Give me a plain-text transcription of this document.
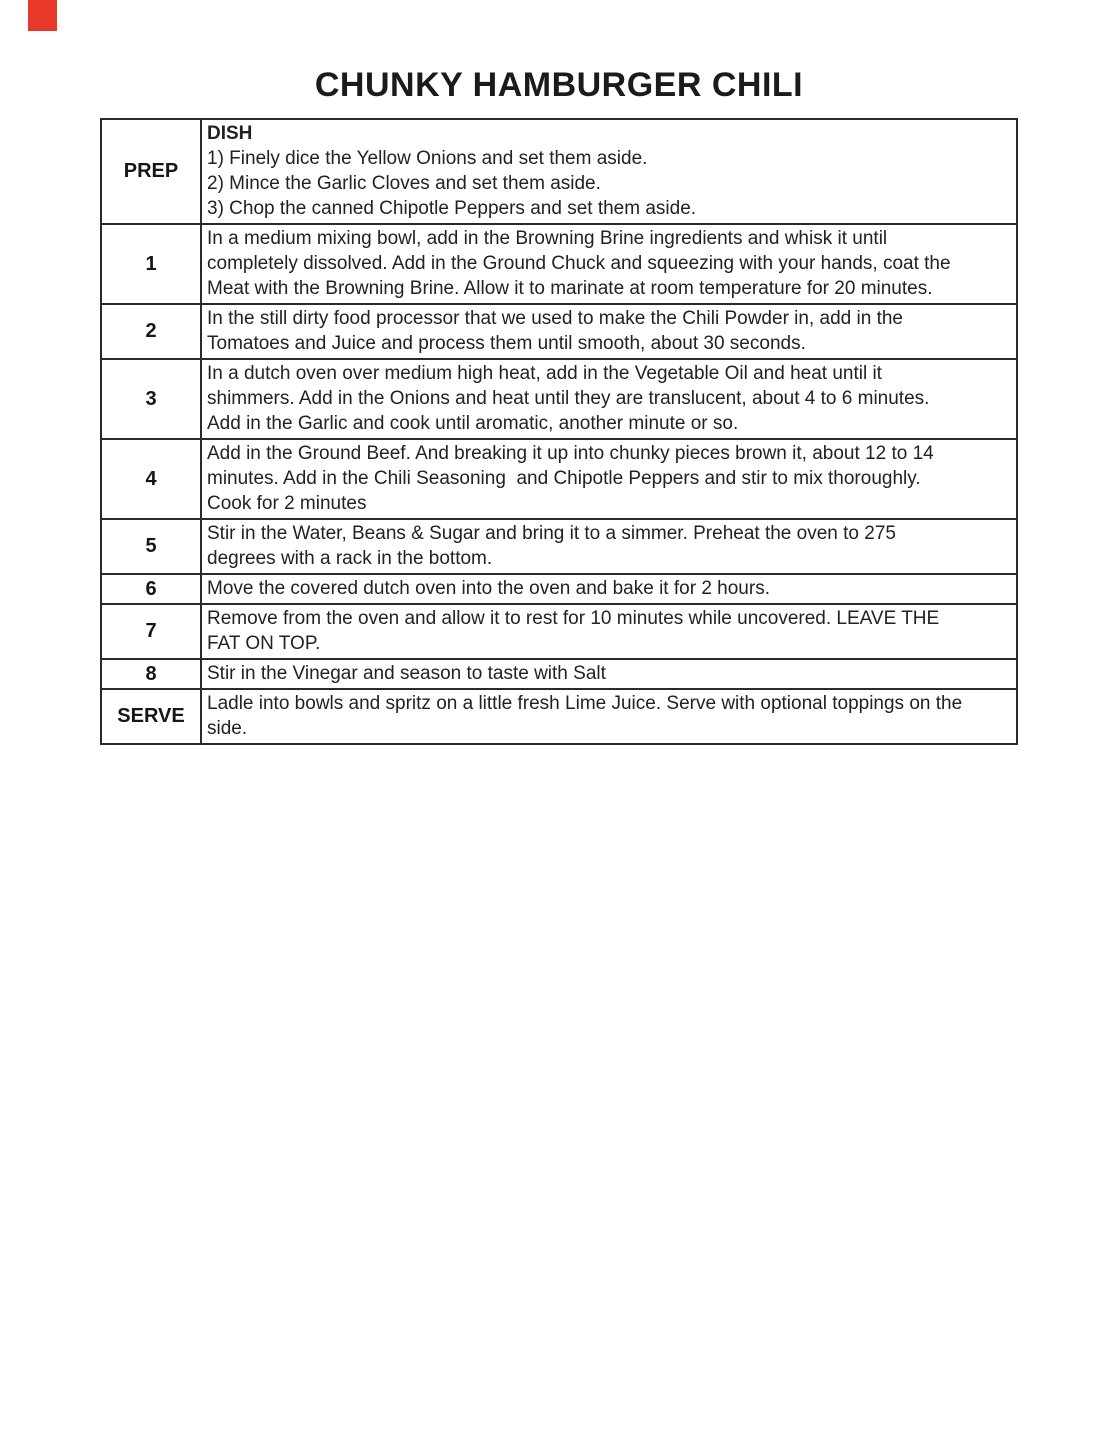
CHUNKY HAMBURGER CHILI
PREP	DISH
1) Finely dice the Yellow Onions and set them aside.
2) Mince the Garlic Cloves and set them aside.
3) Chop the canned Chipotle Peppers and set them aside.

1	In a medium mixing bowl, add in the Browning Brine ingredients and whisk it until
completely dissolved. Add in the Ground Chuck and squeezing with your hands, coat the
Meat with the Browning Brine. Allow it to marinate at room temperature for 20 minutes.

2	In the still dirty food processor that we used to make the Chili Powder in, add in the
Tomatoes and Juice and process them until smooth, about 30 seconds.

3	In a dutch oven over medium high heat, add in the Vegetable Oil and heat until it
shimmers. Add in the Onions and heat until they are translucent, about 4 to 6 minutes.
Add in the Garlic and cook until aromatic, another minute or so.

4	Add in the Ground Beef. And breaking it up into chunky pieces brown it, about 12 to 14
minutes. Add in the Chili Seasoning  and Chipotle Peppers and stir to mix thoroughly.
Cook for 2 minutes

5	Stir in the Water, Beans & Sugar and bring it to a simmer. Preheat the oven to 275
degrees with a rack in the bottom.

6	Move the covered dutch oven into the oven and bake it for 2 hours.

7	Remove from the oven and allow it to rest for 10 minutes while uncovered. LEAVE THE
FAT ON TOP.

8	Stir in the Vinegar and season to taste with Salt

SERVE	Ladle into bowls and spritz on a little fresh Lime Juice. Serve with optional toppings on the
side.
